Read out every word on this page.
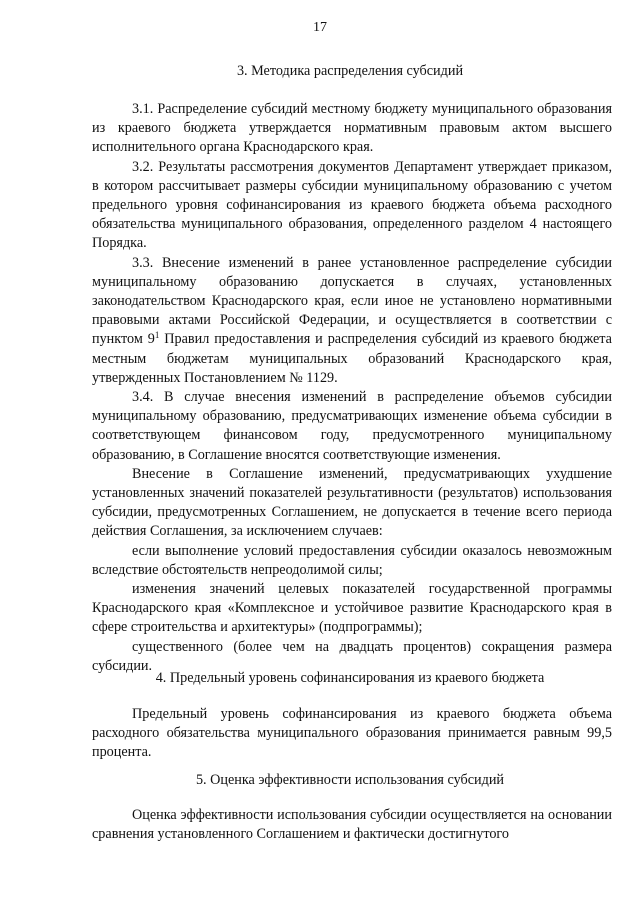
17
3. Методика распределения субсидий

3.1. Распределение субсидий местному бюджету муниципального образования из краевого бюджета утверждается нормативным правовым актом высшего исполнительного органа Краснодарского края.

3.2. Результаты рассмотрения документов Департамент утверждает приказом, в котором рассчитывает размеры субсидии муниципальному образованию с учетом предельного уровня софинансирования из краевого бюджета объема расходного обязательства муниципального образования, определенного разделом 4 настоящего Порядка.

3.3. Внесение изменений в ранее установленное распределение субсидии муниципальному образованию допускается в случаях, установленных законодательством Краснодарского края, если иное не установлено нормативными правовыми актами Российской Федерации, и осуществляется в соответствии с пунктом $9^1$ Правил предоставления и распределения субсидий из краевого бюджета местным бюджетам муниципальных образований Краснодарского края, утвержденных Постановлением № 1129.

3.4. В случае внесения изменений в распределение объемов субсидии муниципальному образованию, предусматривающих изменение объема субсидии в соответствующем финансовом году, предусмотренного муниципальному образованию, в Соглашение вносятся соответствующие изменения.

Внесение в Соглашение изменений, предусматривающих ухудшение установленных значений показателей результативности (результатов) использования субсидии, предусмотренных Соглашением, не допускается в течение всего периода действия Соглашения, за исключением случаев:

если выполнение условий предоставления субсидии оказалось невозможным вследствие обстоятельств непреодолимой силы;

изменения значений целевых показателей государственной программы Краснодарского края «Комплексное и устойчивое развитие Краснодарского края в сфере строительства и архитектуры» (подпрограммы);

существенного (более чем на двадцать процентов) сокращения размера субсидии.

4. Предельный уровень софинансирования из краевого бюджета

Предельный уровень софинансирования из краевого бюджета объема расходного обязательства муниципального образования принимается равным 99,5 процента.

5. Оценка эффективности использования субсидий

Оценка эффективности использования субсидии осуществляется на основании сравнения установленного Соглашением и фактически достигнутого
